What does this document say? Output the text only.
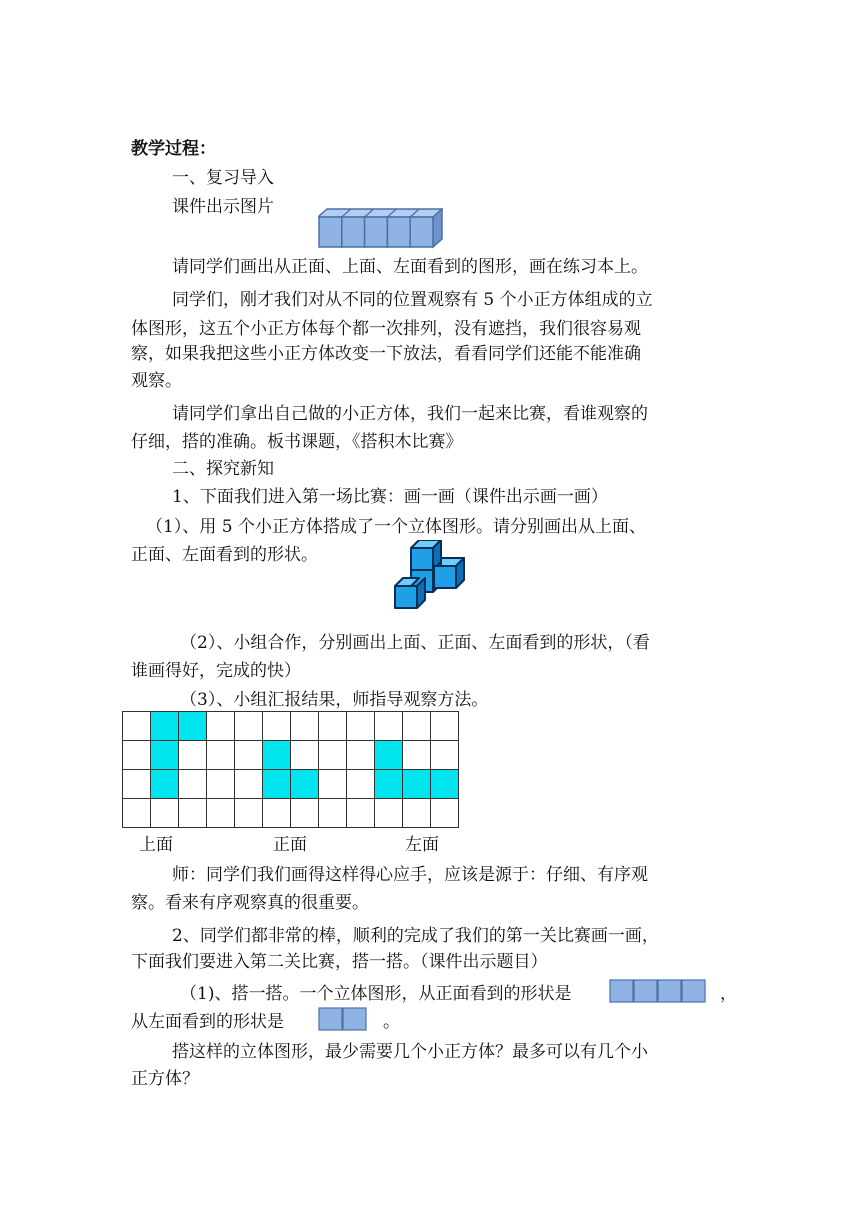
教学过程：
一、复习导入
课件出示图片
请同学们画出从正面、上面、左面看到的图形，画在练习本上。
同学们，刚才我们对从不同的位置观察有 5 个小正方体组成的立
体图形，这五个小正方体每个都一次排列，没有遮挡，我们很容易观
察，如果我把这些小正方体改变一下放法，看看同学们还能不能准确
观察。
请同学们拿出自己做的小正方体，我们一起来比赛，看谁观察的
仔细，搭的准确。板书课题，《搭积木比赛》
二、探究新知
1、下面我们进入第一场比赛：画一画（课件出示画一画）
（1）、用 5 个小正方体搭成了一个立体图形。请分别画出从上面、
正面、左面看到的形状。
（2）、小组合作，分别画出上面、正面、左面看到的形状，（看
谁画得好，完成的快）
（3）、小组汇报结果，师指导观察方法。

上面	正面	左面
师：同学们我们画得这样得心应手，应该是源于：仔细、有序观
察。看来有序观察真的很重要。
2、同学们都非常的棒，顺利的完成了我们的第一关比赛画一画，
下面我们要进入第二关比赛，搭一搭。（课件出示题目）
（1)、搭一搭。一个立体图形，从正面看到的形状是	，
从左面看到的形状是	。
搭这样的立体图形，最少需要几个小正方体？最多可以有几个小
正方体？
